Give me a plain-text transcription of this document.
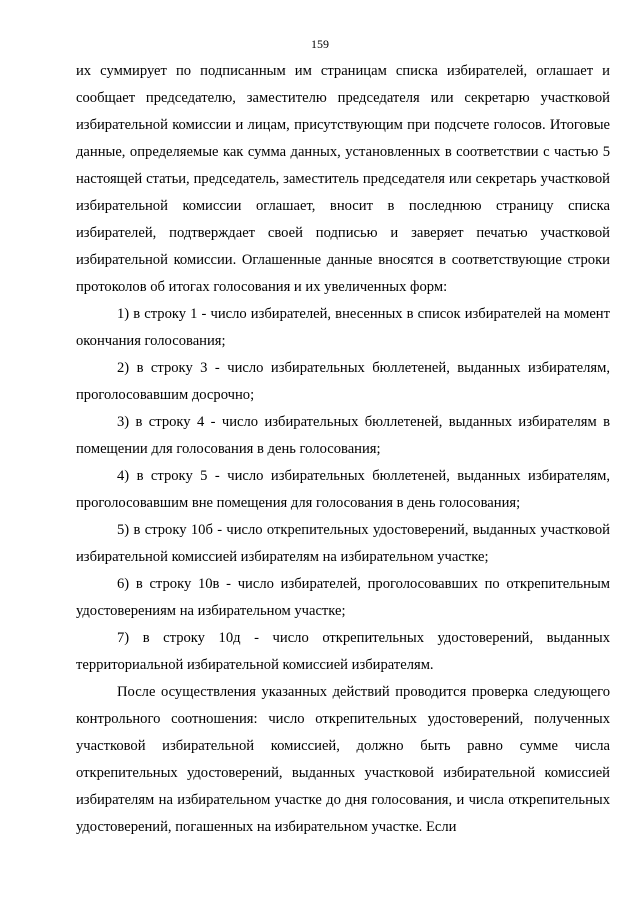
159

их суммирует по подписанным им страницам списка избирателей, оглашает и сообщает председателю, заместителю председателя или секретарю участковой избирательной комиссии и лицам, присутствующим при подсчете голосов. Итоговые данные, определяемые как сумма данных, установленных в соответствии с частью 5 настоящей статьи, председатель, заместитель председателя или секретарь участковой избирательной комиссии оглашает, вносит в последнюю страницу списка избирателей, подтверждает своей подписью и заверяет печатью участковой избирательной комиссии. Оглашенные данные вносятся в соответствующие строки протоколов об итогах голосования и их увеличенных форм:

1) в строку 1 - число избирателей, внесенных в список избирателей на момент окончания голосования;

2) в строку 3 - число избирательных бюллетеней, выданных избирателям, проголосовавшим досрочно;

3) в строку 4 - число избирательных бюллетеней, выданных избирателям в помещении для голосования в день голосования;

4) в строку 5 - число избирательных бюллетеней, выданных избирателям, проголосовавшим вне помещения для голосования в день голосования;

5) в строку 10б - число открепительных удостоверений, выданных участковой избирательной комиссией избирателям на избирательном участке;

6) в строку 10в - число избирателей, проголосовавших по открепительным удостоверениям на избирательном участке;

7) в строку 10д - число открепительных удостоверений, выданных территориальной избирательной комиссией избирателям.

После осуществления указанных действий проводится проверка следующего контрольного соотношения: число открепительных удостоверений, полученных участковой избирательной комиссией, должно быть равно сумме числа открепительных удостоверений, выданных участковой избирательной комиссией избирателям на избирательном участке до дня голосования, и числа открепительных удостоверений, погашенных на избирательном участке. Если
